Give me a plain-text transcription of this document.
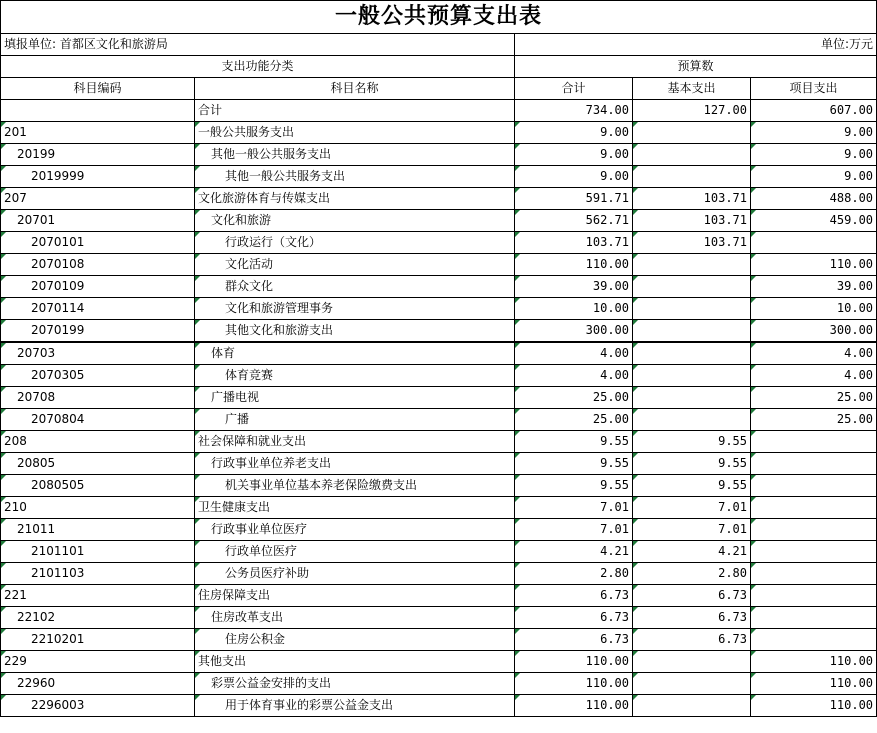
一般公共预算支出表				
填报单位: 首都区文化和旅游局		单位:万元		
支出功能分类		预算数		
科目编码	科目名称	合计	基本支出	项目支出
	合计	734.00	127.00	607.00
201	一般公共服务支出	9.00		9.00
20199	其他一般公共服务支出	9.00		9.00
2019999	其他一般公共服务支出	9.00		9.00
207	文化旅游体育与传媒支出	591.71	103.71	488.00
20701	文化和旅游	562.71	103.71	459.00
2070101	行政运行（文化）	103.71	103.71	
2070108	文化活动	110.00		110.00
2070109	群众文化	39.00		39.00
2070114	文化和旅游管理事务	10.00		10.00
2070199	其他文化和旅游支出	300.00		300.00
20703	体育	4.00		4.00
2070305	体育竞赛	4.00		4.00
20708	广播电视	25.00		25.00
2070804	广播	25.00		25.00
208	社会保障和就业支出	9.55	9.55	
20805	行政事业单位养老支出	9.55	9.55	
2080505	机关事业单位基本养老保险缴费支出	9.55	9.55	
210	卫生健康支出	7.01	7.01	
21011	行政事业单位医疗	7.01	7.01	
2101101	行政单位医疗	4.21	4.21	
2101103	公务员医疗补助	2.80	2.80	
221	住房保障支出	6.73	6.73	
22102	住房改革支出	6.73	6.73	
2210201	住房公积金	6.73	6.73	
229	其他支出	110.00		110.00
22960	彩票公益金安排的支出	110.00		110.00
2296003	用于体育事业的彩票公益金支出	110.00		110.00
